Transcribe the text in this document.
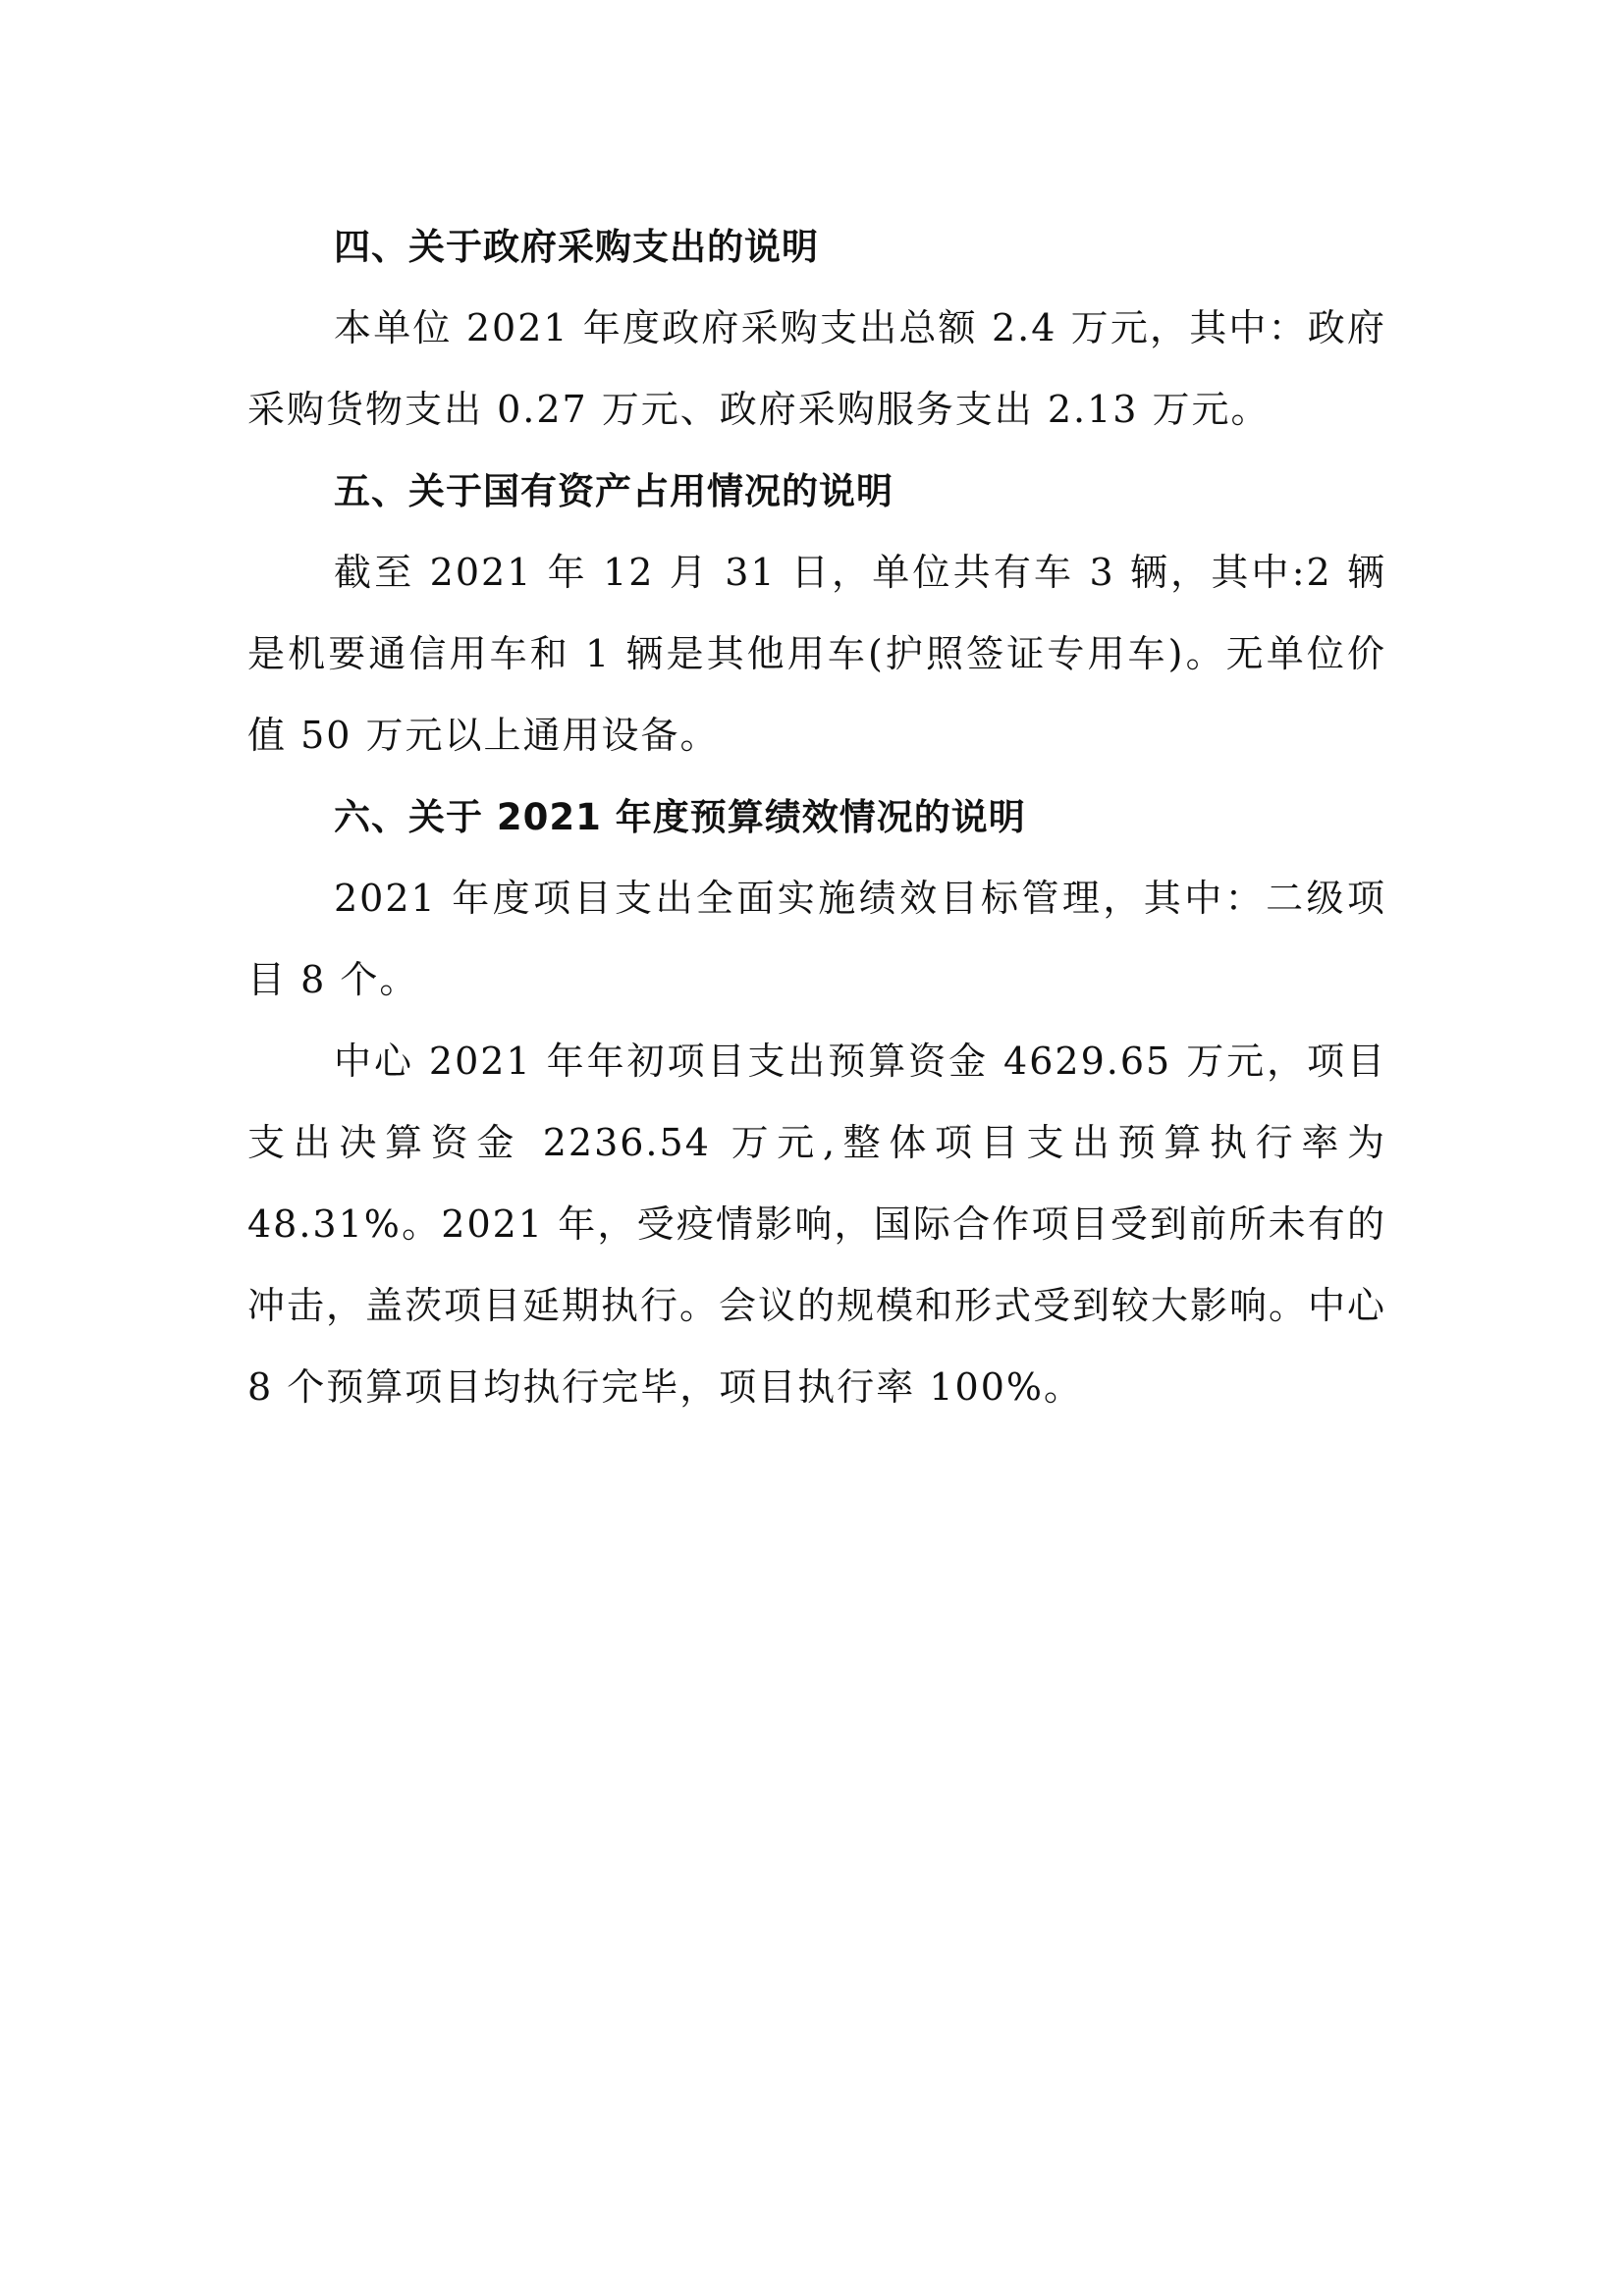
四、关于政府采购支出的说明

本单位 2021 年度政府采购支出总额 2.4 万元，其中：政府采购货物支出 0.27 万元、政府采购服务支出 2.13 万元。

五、关于国有资产占用情况的说明

截至 2021 年 12 月 31 日，单位共有车 3 辆，其中:2 辆是机要通信用车和 1 辆是其他用车(护照签证专用车)。无单位价值 50 万元以上通用设备。

六、关于 2021 年度预算绩效情况的说明

2021 年度项目支出全面实施绩效目标管理，其中：二级项目 8 个。

中心 2021 年年初项目支出预算资金 4629.65 万元，项目支出决算资金 2236.54 万元,整体项目支出预算执行率为 48.31%。2021 年，受疫情影响，国际合作项目受到前所未有的冲击，盖茨项目延期执行。会议的规模和形式受到较大影响。中心 8 个预算项目均执行完毕，项目执行率 100%。
